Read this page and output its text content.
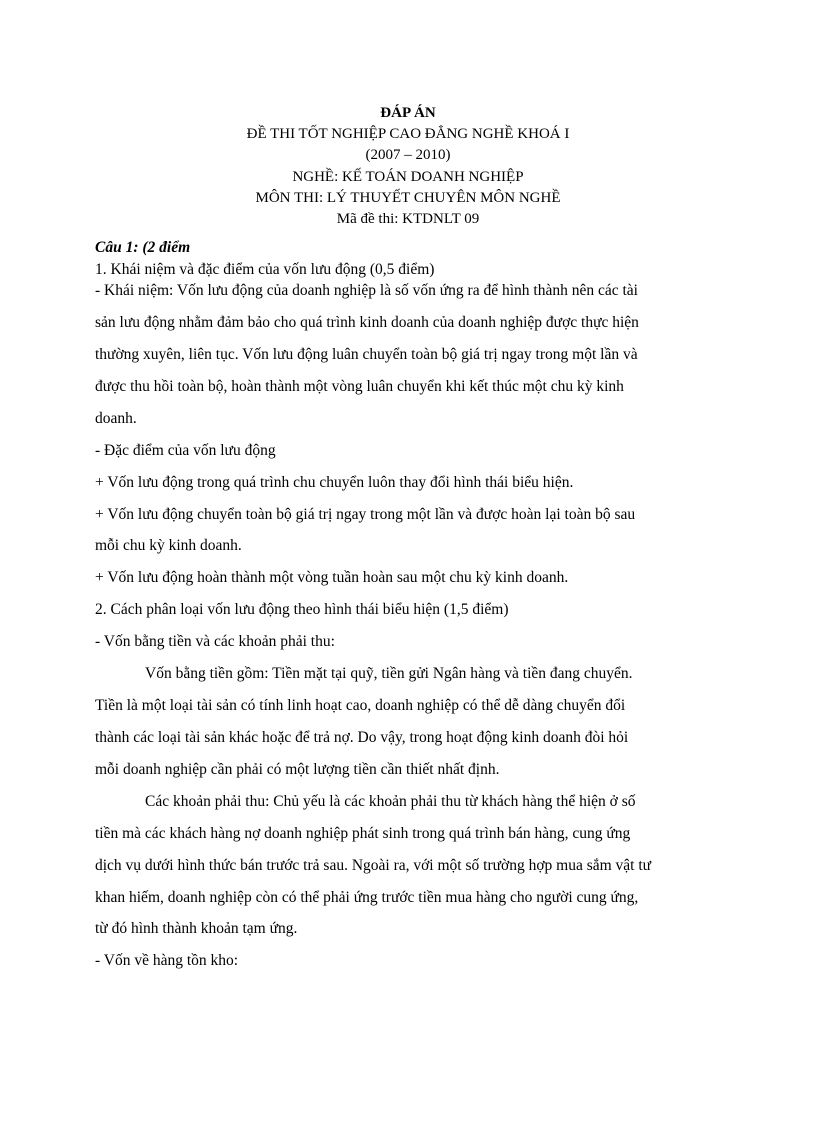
ĐÁP ÁN
ĐỀ THI TỐT NGHIỆP CAO ĐẲNG NGHỀ KHOÁ I
(2007 – 2010)
NGHỀ: KẾ TOÁN DOANH NGHIỆP
MÔN THI: LÝ THUYẾT CHUYÊN MÔN NGHỀ
Mã đề thi: KTDNLT 09
Câu 1: (2 điểm
1. Khái niệm và đặc điểm của vốn lưu động (0,5 điểm)
- Khái niệm: Vốn lưu động của doanh nghiệp là số vốn ứng ra để hình thành nên các tài
sản lưu động nhằm đảm bảo cho quá trình kinh doanh của doanh nghiệp được thực hiện
thường xuyên, liên tục. Vốn lưu động luân chuyển toàn bộ giá trị ngay trong một lần và
được thu hồi toàn bộ, hoàn thành một vòng luân chuyển khi kết thúc một chu kỳ kinh
doanh.
- Đặc điểm của vốn lưu động
+ Vốn lưu động trong quá trình chu chuyển luôn thay đổi hình thái biểu hiện.
+ Vốn lưu động chuyển toàn bộ giá trị ngay trong một lần và được hoàn lại toàn bộ sau
mỗi chu kỳ kinh doanh.
+ Vốn lưu động hoàn thành một vòng tuần hoàn sau một chu kỳ kinh doanh.
2. Cách phân loại vốn lưu động theo hình thái biểu hiện (1,5 điểm)
- Vốn bằng tiền và các khoản phải thu:
Vốn bằng tiền gồm: Tiền mặt tại quỹ, tiền gửi Ngân hàng và tiền đang chuyển.
Tiền là một loại tài sản có tính linh hoạt cao, doanh nghiệp có thể dễ dàng chuyển đổi
thành các loại tài sản khác hoặc để trả nợ. Do vậy, trong hoạt động kinh doanh đòi hỏi
mỗi doanh nghiệp cần phải có một lượng tiền cần thiết nhất định.
Các khoản phải thu: Chủ yếu là các khoản phải thu từ khách hàng thể hiện ở số
tiền mà các khách hàng nợ doanh nghiệp phát sinh trong quá trình bán hàng, cung ứng
dịch vụ dưới hình thức bán trước trả sau. Ngoài ra, với một số trường hợp mua sắm vật tư
khan hiếm, doanh nghiệp còn có thể phải ứng trước tiền mua hàng cho người cung ứng,
từ đó hình thành khoản tạm ứng.
- Vốn về hàng tồn kho:
